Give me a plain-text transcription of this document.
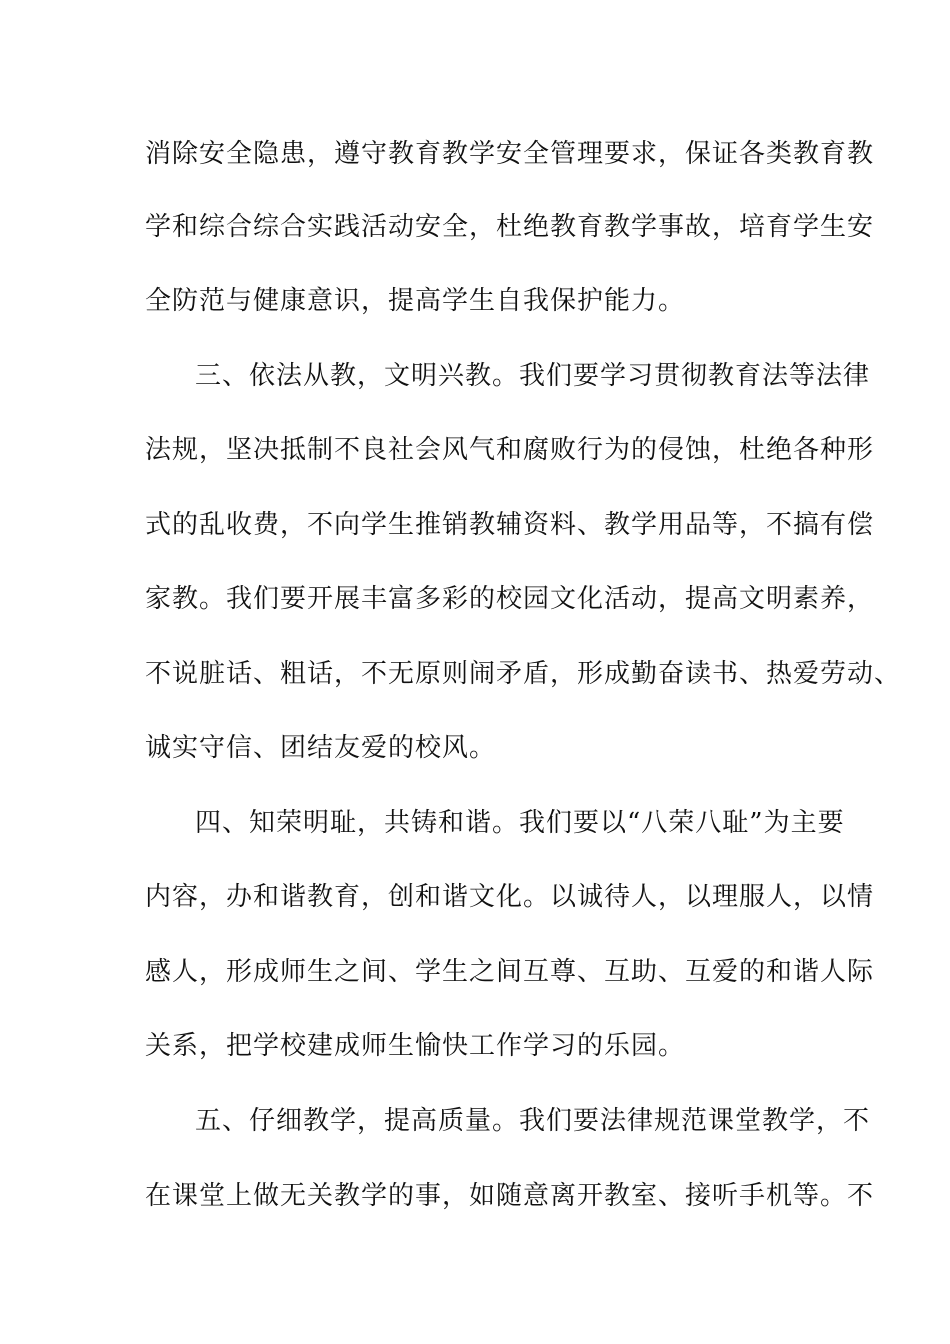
消除安全隐患，遵守教育教学安全管理要求，保证各类教育教
学和综合综合实践活动安全，杜绝教育教学事故，培育学生安
全防范与健康意识，提高学生自我保护能力。
三、依法从教，文明兴教。我们要学习贯彻教育法等法律
法规，坚决抵制不良社会风气和腐败行为的侵蚀，杜绝各种形
式的乱收费，不向学生推销教辅资料、教学用品等，不搞有偿
家教。我们要开展丰富多彩的校园文化活动，提高文明素养，
不说脏话、粗话，不无原则闹矛盾，形成勤奋读书、热爱劳动、
诚实守信、团结友爱的校风。
四、知荣明耻，共铸和谐。我们要以“八荣八耻”为主要
内容，办和谐教育，创和谐文化。以诚待人，以理服人，以情
感人，形成师生之间、学生之间互尊、互助、互爱的和谐人际
关系，把学校建成师生愉快工作学习的乐园。
五、仔细教学，提高质量。我们要法律规范课堂教学，不
在课堂上做无关教学的事，如随意离开教室、接听手机等。不
